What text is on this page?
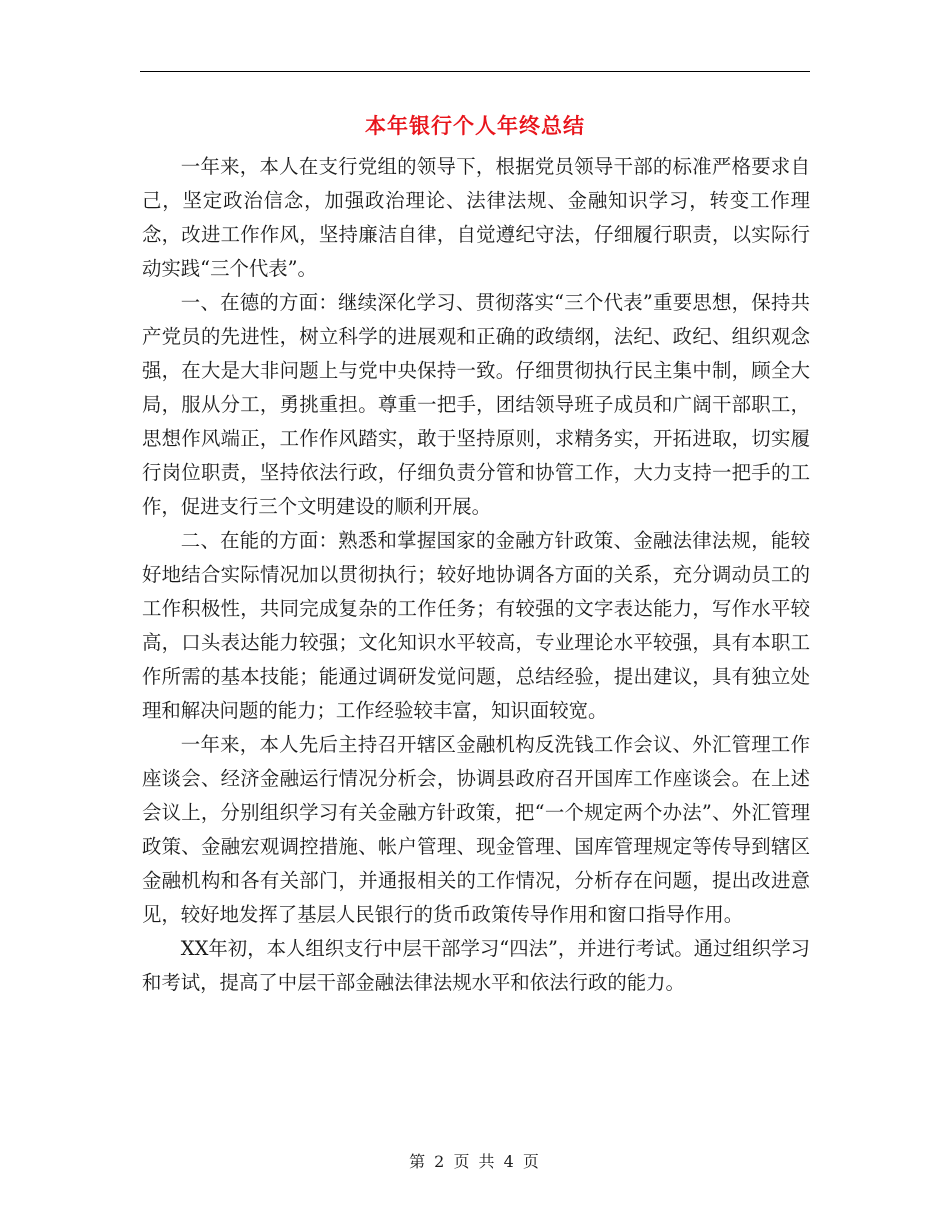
本年银行个人年终总结

一年来，本人在支行党组的领导下，根据党员领导干部的标准严格要求自己，坚定政治信念，加强政治理论、法律法规、金融知识学习，转变工作理念，改进工作作风，坚持廉洁自律，自觉遵纪守法，仔细履行职责，以实际行动实践“三个代表”。

一、在德的方面：继续深化学习、贯彻落实“三个代表”重要思想，保持共产党员的先进性，树立科学的进展观和正确的政绩纲，法纪、政纪、组织观念强，在大是大非问题上与党中央保持一致。仔细贯彻执行民主集中制，顾全大局，服从分工，勇挑重担。尊重一把手，团结领导班子成员和广阔干部职工，思想作风端正，工作作风踏实，敢于坚持原则，求精务实，开拓进取，切实履行岗位职责，坚持依法行政，仔细负责分管和协管工作，大力支持一把手的工作，促进支行三个文明建设的顺利开展。

二、在能的方面：熟悉和掌握国家的金融方针政策、金融法律法规，能较好地结合实际情况加以贯彻执行；较好地协调各方面的关系，充分调动员工的工作积极性，共同完成复杂的工作任务；有较强的文字表达能力，写作水平较高，口头表达能力较强；文化知识水平较高，专业理论水平较强，具有本职工作所需的基本技能；能通过调研发觉问题，总结经验，提出建议，具有独立处理和解决问题的能力；工作经验较丰富，知识面较宽。

一年来，本人先后主持召开辖区金融机构反洗钱工作会议、外汇管理工作座谈会、经济金融运行情况分析会，协调县政府召开国库工作座谈会。在上述会议上，分别组织学习有关金融方针政策，把“一个规定两个办法”、外汇管理政策、金融宏观调控措施、帐户管理、现金管理、国库管理规定等传导到辖区金融机构和各有关部门，并通报相关的工作情况，分析存在问题，提出改进意见，较好地发挥了基层人民银行的货币政策传导作用和窗口指导作用。

XX年初，本人组织支行中层干部学习“四法”，并进行考试。通过组织学习和考试，提高了中层干部金融法律法规水平和依法行政的能力。

第 2 页 共 4 页
